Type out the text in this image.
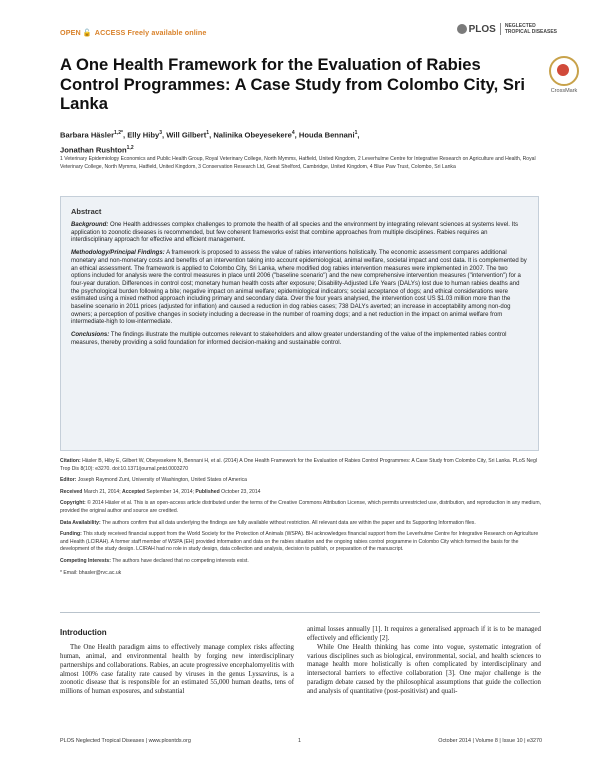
OPEN 🔓 ACCESS Freely available online	PLOS NEGLECTED
TROPICAL DISEASES
A One Health Framework for the Evaluation of Rabies Control Programmes: A Case Study from Colombo City, Sri Lanka
CrossMark
Barbara Häsler$^{1,2*}$, Elly Hiby$^3$, Will Gilbert$^1$, Nalinika Obeyesekere$^4$, Houda Bennani$^1$,
Jonathan Rushton$^{1,2}$
1 Veterinary Epidemiology Economics and Public Health Group, Royal Veterinary College, North Mymms, Hatfield, United Kingdom, 2 Leverhulme Centre for Integrative Research on Agriculture and Health, Royal Veterinary College, North Mymms, Hatfield, United Kingdom, 3 Conservation Research Ltd, Great Shelford, Cambridge, United Kingdom, 4 Blue Paw Trust, Colombo, Sri Lanka
Abstract

Background: One Health addresses complex challenges to promote the health of all species and the environment by integrating relevant sciences at systems level. Its application to zoonotic diseases is recommended, but few coherent frameworks exist that combine approaches from multiple disciplines. Rabies requires an interdisciplinary approach for effective and efficient management.

Methodology/Principal Findings: A framework is proposed to assess the value of rabies interventions holistically. The economic assessment compares additional monetary and non-monetary costs and benefits of an intervention taking into account epidemiological, animal welfare, societal impact and cost data. It is complemented by an ethical assessment. The framework is applied to Colombo City, Sri Lanka, where modified dog rabies intervention measures were implemented in 2007. The two options included for analysis were the control measures in place until 2006 ("baseline scenario") and the new comprehensive intervention measures ("intervention") for a four-year duration. Differences in control cost; monetary human health costs after exposure; Disability-Adjusted Life Years (DALYs) lost due to human rabies deaths and the psychological burden following a bite; negative impact on animal welfare; epidemiological indicators; social acceptance of dogs; and ethical considerations were estimated using a mixed method approach including primary and secondary data. Over the four years analysed, the intervention cost US $1.03 million more than the baseline scenario in 2011 prices (adjusted for inflation) and caused a reduction in dog rabies cases; 738 DALYs averted; an increase in acceptability among non-dog owners; a perception of positive changes in society including a decrease in the number of roaming dogs; and a net reduction in the impact on animal welfare from intermediate-high to low-intermediate.

Conclusions: The findings illustrate the multiple outcomes relevant to stakeholders and allow greater understanding of the value of the implemented rabies control measures, thereby providing a solid foundation for informed decision-making and sustainable control.

Citation: Häsler B, Hiby E, Gilbert W, Obeyesekere N, Bennani H, et al. (2014) A One Health Framework for the Evaluation of Rabies Control Programmes: A Case Study from Colombo City, Sri Lanka. PLoS Negl Trop Dis 8(10): e3270. doi:10.1371/journal.pntd.0003270

Editor: Joseph Raymond Zunt, University of Washington, United States of America

Received March 21, 2014; Accepted September 14, 2014; Published October 23, 2014

Copyright: © 2014 Häsler et al. This is an open-access article distributed under the terms of the Creative Commons Attribution License, which permits unrestricted use, distribution, and reproduction in any medium, provided the original author and source are credited.

Data Availability: The authors confirm that all data underlying the findings are fully available without restriction. All relevant data are within the paper and its Supporting Information files.

Funding: This study received financial support from the World Society for the Protection of Animals (WSPA). BH acknowledges financial support from the Leverhulme Centre for Integrative Research on Agriculture and Health (LCIRAH). A former staff member of WSPA (EH) provided information and data on the rabies situation and the ongoing rabies control programme in Colombo City which formed the basis for the development of the study design. LCIRAH had no role in study design, data collection and analysis, decision to publish, or preparation of the manuscript.

Competing Interests: The authors have declared that no competing interests exist.

* Email: bhasler@rvc.ac.uk

Introduction

The One Health paradigm aims to effectively manage complex risks affecting human, animal, and environmental health by forging new interdisciplinary partnerships and collaborations. Rabies, an acute progressive encephalomyelitis with almost 100% case fatality rate caused by viruses in the genus Lyssavirus, is a zoonotic disease that is responsible for an estimated 55,000 human deaths, tens of millions of human exposures, and substantial

animal losses annually [1]. It requires a generalised approach if it is to be managed effectively and efficiently [2].

While One Health thinking has come into vogue, systematic integration of various disciplines such as biological, environmental, social, and health sciences to manage health more holistically is often complicated by interdisciplinary and intersectoral barriers to effective collaboration [3]. One major challenge is the paradigm debate caused by the philosophical assumptions that guide the collection and analysis of quantitative (post-positivist) and quali-

PLOS Neglected Tropical Diseases | www.plosntds.org	1	October 2014 | Volume 8 | Issue 10 | e3270
